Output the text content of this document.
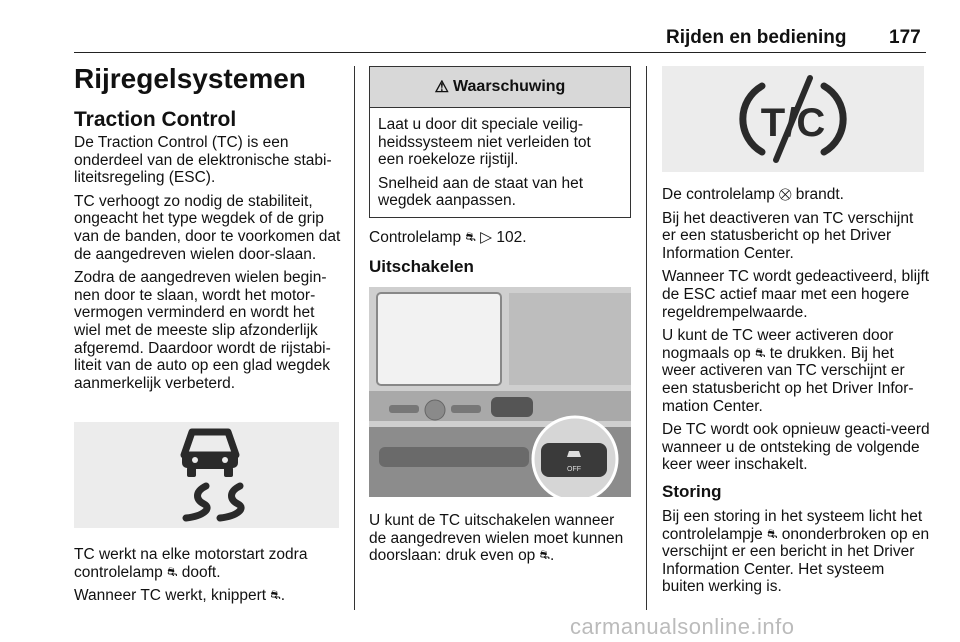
Rijden en bediening 177
Rijregelsystemen
Traction Control

De Traction Control (TC) is een onderdeel van de elektronische stabi-liteitsregeling (ESC).

TC verhoogt zo nodig de stabiliteit, ongeacht het type wegdek of de grip van de banden, door te voorkomen dat de aangedreven wielen door-slaan.

Zodra de aangedreven wielen begin-nen door te slaan, wordt het motor-vermogen verminderd en wordt het wiel met de meeste slip afzonderlijk afgeremd. Daardoor wordt de rijstabi-liteit van de auto op een glad wegdek aanmerkelijk verbeterd.

TC werkt na elke motorstart zodra controlelamp ⛐ dooft.

Wanneer TC werkt, knippert ⛐.

⚠ Waarschuwing

Laat u door dit speciale veilig-heidssysteem niet verleiden tot een roekeloze rijstijl.

Snelheid aan de staat van het wegdek aanpassen.

Controlelamp ⛐ ▷ 102.

Uitschakelen
OFF

U kunt de TC uitschakelen wanneer de aangedreven wielen moet kunnen doorslaan: druk even op ⛐.

T/C

De controlelamp ⛒ brandt.

Bij het deactiveren van TC verschijnt er een statusbericht op het Driver Information Center.

Wanneer TC wordt gedeactiveerd, blijft de ESC actief maar met een hogere regeldrempelwaarde.

U kunt de TC weer activeren door nogmaals op ⛐ te drukken. Bij het weer activeren van TC verschijnt er een statusbericht op het Driver Infor-mation Center.

De TC wordt ook opnieuw geacti-veerd wanneer u de ontsteking de volgende keer weer inschakelt.

Storing

Bij een storing in het systeem licht het controlelampje ⛐ ononderbroken op en verschijnt er een bericht in het Driver Information Center. Het systeem buiten werking is.

carmanualsonline.info
